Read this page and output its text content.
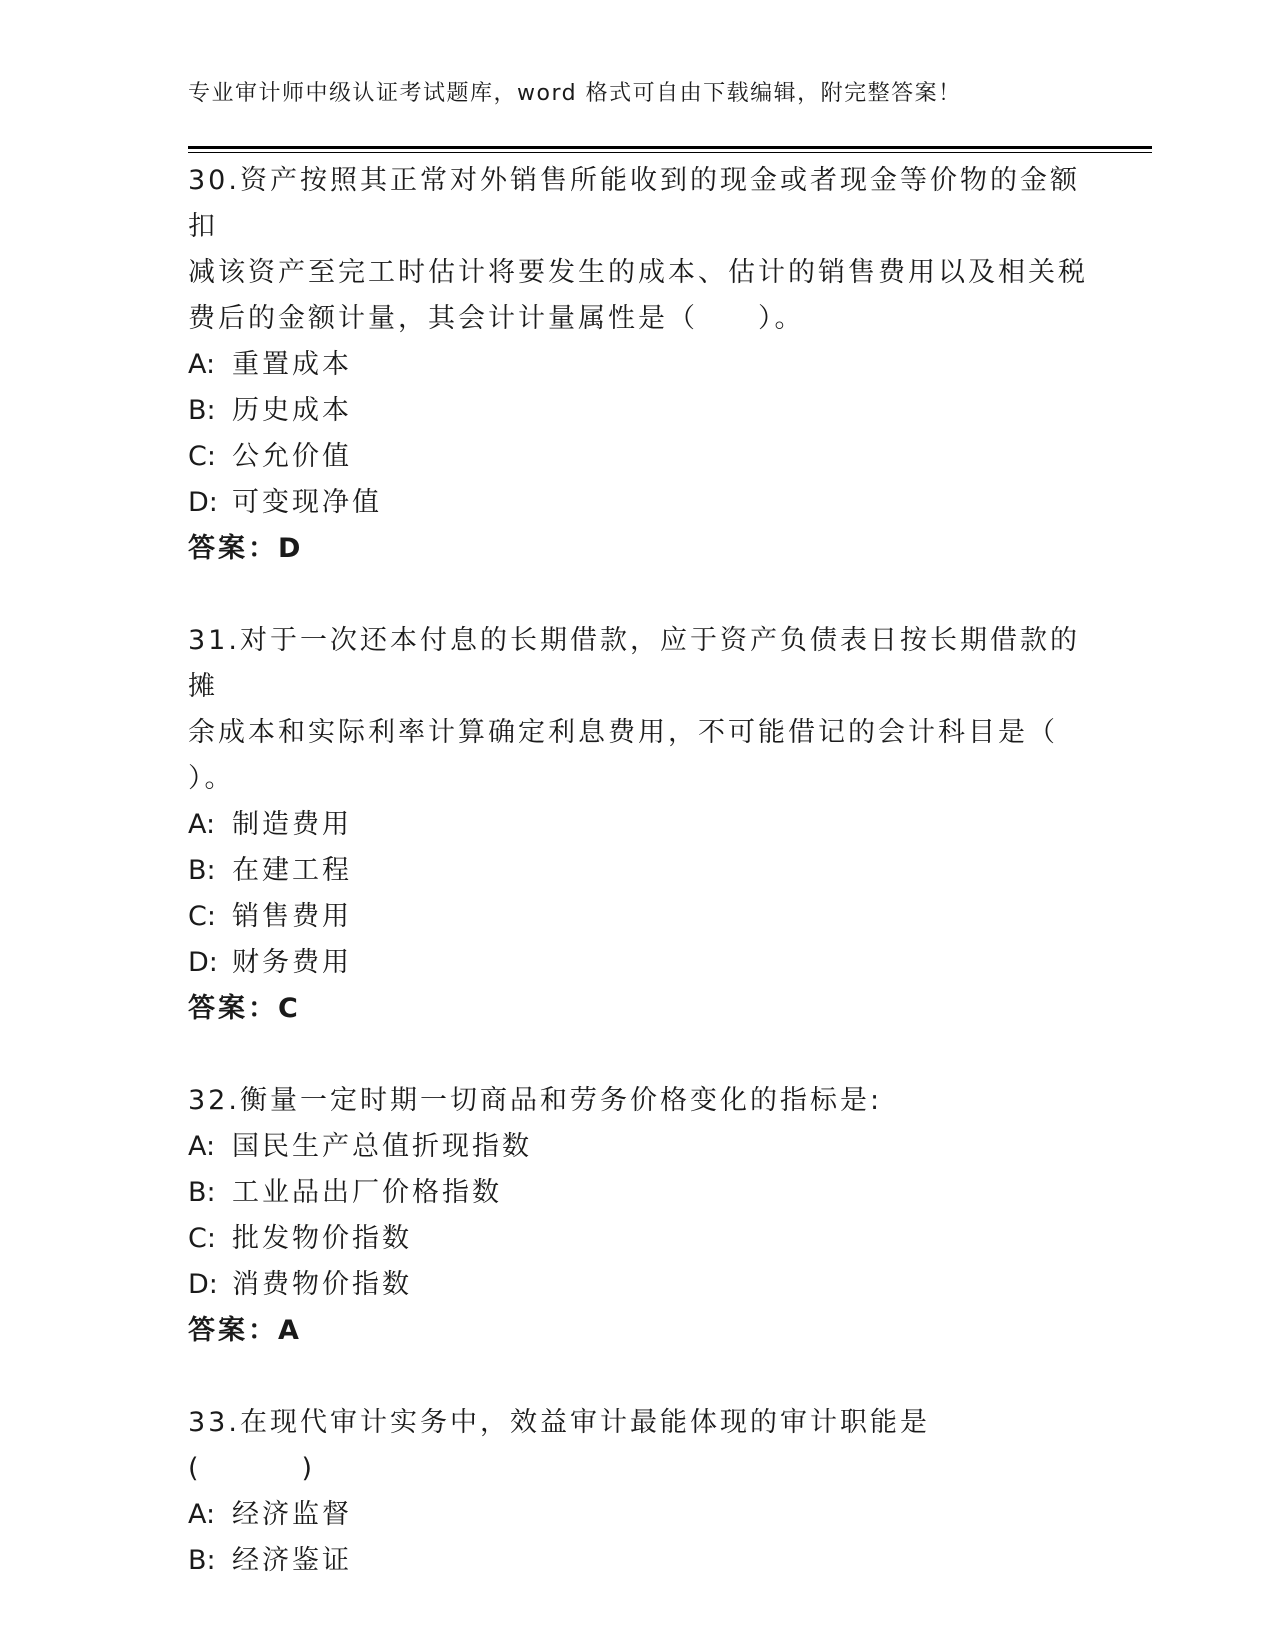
专业审计师中级认证考试题库，word 格式可自由下载编辑，附完整答案！
30.资产按照其正常对外销售所能收到的现金或者现金等价物的金额扣
减该资产至完工时估计将要发生的成本、估计的销售费用以及相关税
费后的金额计量，其会计计量属性是（　　）。
A: 重置成本
B: 历史成本
C: 公允价值
D: 可变现净值
答案：D
31.对于一次还本付息的长期借款，应于资产负债表日按长期借款的摊
余成本和实际利率计算确定利息费用，不可能借记的会计科目是（
）。
A: 制造费用
B: 在建工程
C: 销售费用
D: 财务费用
答案：C
32.衡量一定时期一切商品和劳务价格变化的指标是:
A: 国民生产总值折现指数
B: 工业品出厂价格指数
C: 批发物价指数
D: 消费物价指数
答案：A
33.在现代审计实务中，效益审计最能体现的审计职能是
(            )
A: 经济监督
B: 经济鉴证
